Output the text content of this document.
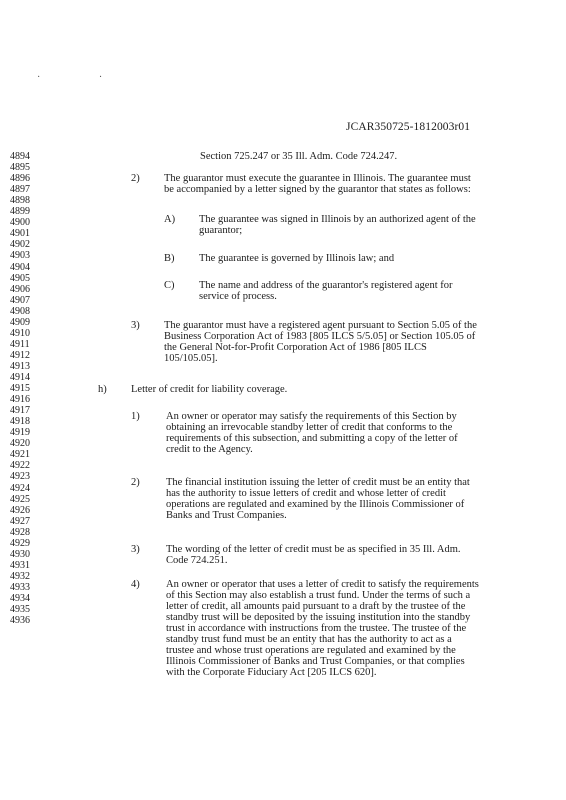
· ·
JCAR350725-1812003r01
4894
4895
4896
4897
4898
4899
4900
4901
4902
4903
4904
4905
4906
4907
4908
4909
4910
4911
4912
4913
4914
4915
4916
4917
4918
4919
4920
4921
4922
4923
4924
4925
4926
4927
4928
4929
4930
4931
4932
4933
4934
4935
4936
Section 725.247 or 35 Ill. Adm. Code 724.247.
2) The guarantor must execute the guarantee in Illinois. The guarantee must
be accompanied by a letter signed by the guarantor that states as follows:
A) The guarantee was signed in Illinois by an authorized agent of the
guarantor;
B) The guarantee is governed by Illinois law; and
C) The name and address of the guarantor's registered agent for
service of process.
3) The guarantor must have a registered agent pursuant to Section 5.05 of the
Business Corporation Act of 1983 [805 ILCS 5/5.05] or Section 105.05 of
the General Not-for-Profit Corporation Act of 1986 [805 ILCS
105/105.05].
h) Letter of credit for liability coverage.
1)	An owner or operator may satisfy the requirements of this Section by
obtaining an irrevocable standby letter of credit that conforms to the
requirements of this subsection, and submitting a copy of the letter of
credit to the Agency.
2)	The financial institution issuing the letter of credit must be an entity that
has the authority to issue letters of credit and whose letter of credit
operations are regulated and examined by the Illinois Commissioner of
Banks and Trust Companies.
3)	The wording of the letter of credit must be as specified in 35 Ill. Adm.
Code 724.251.
4)	An owner or operator that uses a letter of credit to satisfy the requirements
of this Section may also establish a trust fund. Under the terms of such a
letter of credit, all amounts paid pursuant to a draft by the trustee of the
standby trust will be deposited by the issuing institution into the standby
trust in accordance with instructions from the trustee. The trustee of the
standby trust fund must be an entity that has the authority to act as a
trustee and whose trust operations are regulated and examined by the
Illinois Commissioner of Banks and Trust Companies, or that complies
with the Corporate Fiduciary Act [205 ILCS 620].
